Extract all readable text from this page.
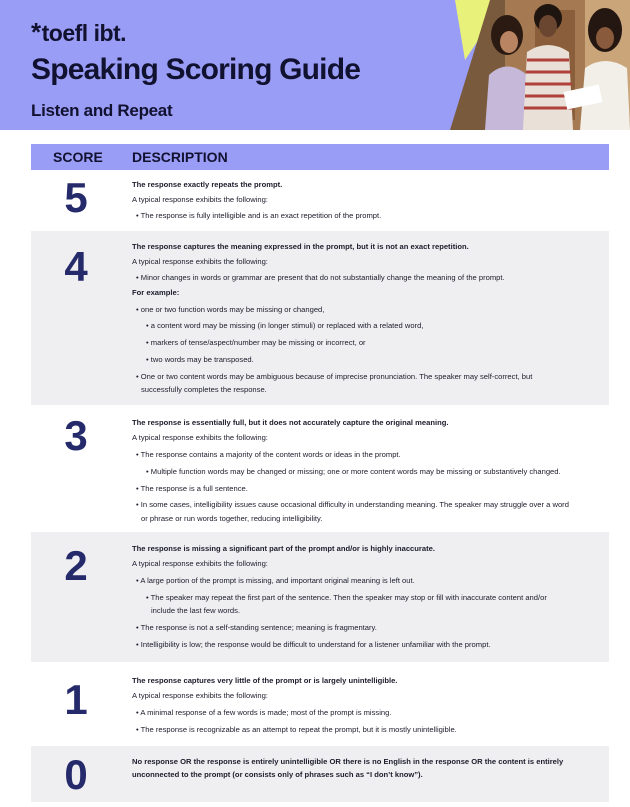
*toefl ibt.
Speaking Scoring Guide
Listen and Repeat
SCORE DESCRIPTION
5	The response exactly repeats the prompt.

A typical response exhibits the following:

• The response is fully intelligible and is an exact repetition of the prompt.

4	The response captures the meaning expressed in the prompt, but it is not an exact repetition.

A typical response exhibits the following:

• Minor changes in words or grammar are present that do not substantially change the meaning of the prompt.

For example:

• one or two function words may be missing or changed,

• a content word may be missing (in longer stimuli) or replaced with a related word,

• markers of tense/aspect/number may be missing or incorrect, or

• two words may be transposed.

• One or two content words may be ambiguous because of imprecise pronunciation. The speaker may self-correct, but

successfully completes the response.

3	The response is essentially full, but it does not accurately capture the original meaning.

A typical response exhibits the following:

• The response contains a majority of the content words or ideas in the prompt.

• Multiple function words may be changed or missing; one or more content words may be missing or substantively changed.

• The response is a full sentence.

• In some cases, intelligibility issues cause occasional difficulty in understanding meaning. The speaker may struggle over a word

or phrase or run words together, reducing intelligibility.

2	The response is missing a significant part of the prompt and/or is highly inaccurate.

A typical response exhibits the following:

• A large portion of the prompt is missing, and important original meaning is left out.

• The speaker may repeat the first part of the sentence. Then the speaker may stop or fill with inaccurate content and/or

include the last few words.

• The response is not a self-standing sentence; meaning is fragmentary.

• Intelligibility is low; the response would be difficult to understand for a listener unfamiliar with the prompt.

1	The response captures very little of the prompt or is largely unintelligible.

A typical response exhibits the following:

• A minimal response of a few words is made; most of the prompt is missing.

• The response is recognizable as an attempt to repeat the prompt, but it is mostly unintelligible.

0	No response OR the response is entirely unintelligible OR there is no English in the response OR the content is entirely

unconnected to the prompt (or consists only of phrases such as “I don’t know”).
